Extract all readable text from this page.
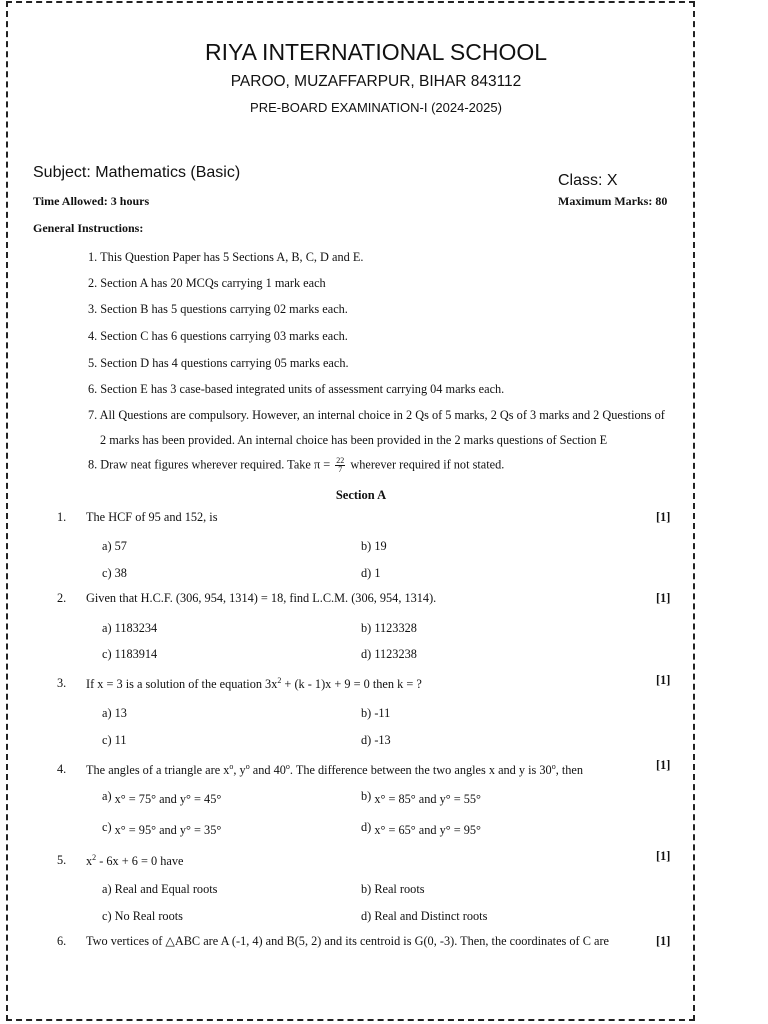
RIYA INTERNATIONAL SCHOOL
PAROO, MUZAFFARPUR, BIHAR 843112
PRE-BOARD EXAMINATION-I (2024-2025)
Subject: Mathematics (Basic)	Class: X
Time Allowed: 3 hours	Maximum Marks: 80
General Instructions:
1. This Question Paper has 5 Sections A, B, C, D and E.
2. Section A has 20 MCQs carrying 1 mark each
3. Section B has 5 questions carrying 02 marks each.
4. Section C has 6 questions carrying 03 marks each.
5. Section D has 4 questions carrying 05 marks each.
6. Section E has 3 case-based integrated units of assessment carrying 04 marks each.
7. All Questions are compulsory. However, an internal choice in 2 Qs of 5 marks, 2 Qs of 3 marks and 2 Questions of
2 marks has been provided. An internal choice has been provided in the 2 marks questions of Section E
8. Draw neat figures wherever required. Take $\pi = \frac{22}{7}$ wherever required if not stated.
Section A
1. The HCF of 95 and 152, is	[1]
a) 57	b) 19
c) 38	d) 1
2. Given that H.C.F. (306, 954, 1314) = 18, find L.C.M. (306, 954, 1314).	[1]
a) 1183234	b) 1123328
c) 1183914	d) 1123238
3. If x = 3 is a solution of the equation $3x^2 + (k - 1)x + 9 = 0$ then k = ?	[1]
a) 13	b) -11
c) 11	d) -13
4. The angles of a triangle are $x^o$, $y^o$ and 40$^o$. The difference between the two angles x and y is 30$^o$, then	[1]
a) x° = 75° and y° = 45°	b) x° = 85° and y° = 55°
c) x° = 95° and y° = 35°	d) x° = 65° and y° = 95°
5. $x^2 - 6x + 6 = 0$ have	[1]
a) Real and Equal roots	b) Real roots
c) No Real roots	d) Real and Distinct roots
6. Two vertices of △ABC are A (-1, 4) and B(5, 2) and its centroid is G(0, -3). Then, the coordinates of C are	[1]
